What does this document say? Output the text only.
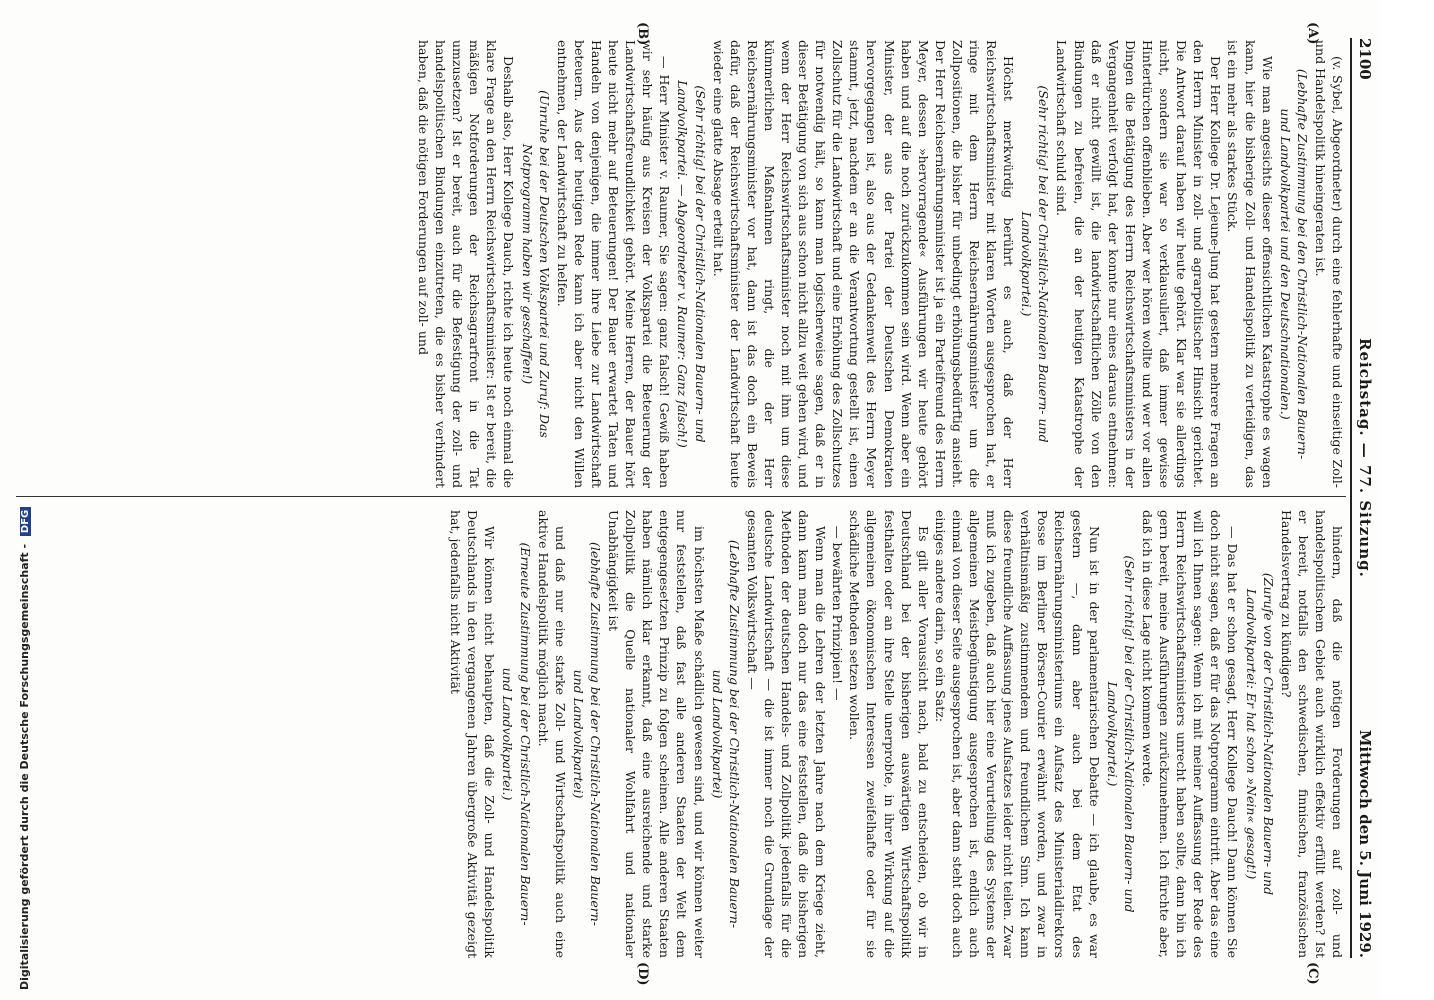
2100
Reichstag. — 77. Sitzung.
Mittwoch den 5. Juni 1929.
(A)
(B)
(C)
(D)

(v. Sybel, Abgeordneter) durch eine fehlerhafte und einseitige Zoll- und Handelspolitik hineingeraten ist.

(Lebhafte Zustimmung bei den Christlich-Nationalen Bauern- und Landvolkpartei und den Deutschnationalen.)

Wie man angesichts dieser offensichtlichen Katastrophe es wagen kann, hier die bisherige Zoll- und Handelspolitik zu verteidigen, das ist ein mehr als starkes Stück.

Der Herr Kollege Dr. Lejeune-Jung hat gestern mehrere Fragen an den Herrn Minister in zoll- und agrarpolitischer Hinsicht gerichtet. Die Antwort darauf haben wir heute gehört. Klar war sie allerdings nicht, sondern sie war so verklausuliert, daß immer gewisse Hintertürchen offenblieben. Aber wer hören wollte und wer vor allen Dingen die Betätigung des Herrn Reichswirtschaftsministers in der Vergangenheit verfolgt hat, der konnte nur eines daraus entnehmen: daß er nicht gewillt ist, die landwirtschaftlichen Zölle von den Bindungen zu befreien, die an der heutigen Katastrophe der Landwirtschaft schuld sind.

(Sehr richtig! bei der Christlich-Nationalen Bauern- und Landvolkpartei.)

Höchst merkwürdig berührt es auch, daß der Herr Reichswirtschaftsminister mit klaren Worten ausgesprochen hat, er ringe mit dem Herrn Reichsernährungsminister um die Zollpositionen, die bisher für unbedingt erhöhungsbedürftig ansieht. Der Herr Reichsernährungsminister ist ja ein Parteifreund des Herrn Meyer, dessen »hervorragende« Ausführungen wir heute gehört haben und auf die noch zurückzukommen sein wird. Wenn aber ein Minister, der aus der Partei der Deutschen Demokraten hervorgegangen ist, also aus der Gedankenwelt des Herrn Meyer stammt, jetzt, nachdem er an die Verantwortung gestellt ist, einen Zollschutz für die Landwirtschaft und eine Erhöhung des Zollschutzes für notwendig hält, so kann man logischerweise sagen, daß er in dieser Betätigung von sich aus schon nicht allzu weit gehen wird, und wenn der Herr Reichswirtschaftsminister noch mit ihm um diese kümmerlichen Maßnahmen ringt, die der Herr Reichsernährungsminister vor hat, dann ist das doch ein Beweis dafür, daß der Reichswirtschaftsminister der Landwirtschaft heute wieder eine glatte Absage erteilt hat.

(Sehr richtig! bei der Christlich-Nationalen Bauern- und Landvolkpartei. — Abgeordneter v. Raumer: Ganz falsch!)

— Herr Minister v. Raumer, Sie sagen: ganz falsch! Gewiß haben wir sehr häufig aus Kreisen der Volkspartei die Beteuerung der Landwirtschaftsfreundlichkeit gehört. Meine Herren, der Bauer hört heute nicht mehr auf Beteuerungen! Der Bauer erwartet Taten und Handeln von denjenigen, die immer ihre Liebe zur Landwirtschaft beteuern. Aus der heutigen Rede kann ich aber nicht den Willen entnehmen, der Landwirtschaft zu helfen.

(Unruhe bei der Deutschen Volkspartei und Zuruf: Das Notprogramm haben wir geschaffen!)

Deshalb also, Herr Kollege Dauch, richte ich heute noch einmal die klare Frage an den Herrn Reichswirtschaftsminister: Ist er bereit, die mäßigen Notforderungen der Reichsagrarfront in die Tat umzusetzen? Ist er bereit, auch für die Befestigung der zoll- und handelspolitischen Bindungen einzutreten, die es bisher verhindert haben, daß die nötigen Forderungen auf zoll- und

hindern, daß die nötigen Forderungen auf zoll- und handelspolitischem Gebiet auch wirklich effektiv erfüllt werden? Ist er bereit, notfalls den schwedischen, finnischen, französischen Handelsvertrag zu kündigen?

(Zurufe von der Christlich-Nationalen Bauern- und Landvolkpartei: Er hat schon »Nein« gesagt!)

— Das hat er schon gesagt, Herr Kollege Dauch! Dann können Sie doch nicht sagen, daß er für das Notprogramm eintritt. Aber das eine will ich Ihnen sagen: Wenn ich mit meiner Auffassung der Rede des Herrn Reichswirtschaftsministers unrecht haben sollte, dann bin ich gern bereit, meine Ausführungen zurückzunehmen. Ich fürchte aber, daß ich in diese Lage nicht kommen werde.

(Sehr richtig! bei der Christlich-Nationalen Bauern- und Landvolkpartei.)

Nun ist in der parlamentarischen Debatte — ich glaube, es war gestern —, dann aber auch bei dem Etat des Reichsernährungsministeriums ein Aufsatz des Ministerialdirektors Posse im Berliner Börsen-Courier erwähnt worden, und zwar in verhältnismäßig zustimmendem und freundlichem Sinn. Ich kann diese freundliche Auffassung jenes Aufsatzes leider nicht teilen. Zwar muß ich zugeben, daß auch hier eine Verurteilung des Systems der allgemeinen Meistbegünstigung ausgesprochen ist, endlich auch einmal von dieser Seite ausgesprochen ist, aber dann steht doch auch einiges andere darin, so ein Satz:

Es gilt aller Voraussicht nach, bald zu entscheiden, ob wir in Deutschland bei der bisherigen auswärtigen Wirtschaftspolitik festhalten oder an ihre Stelle unerprobte, in ihrer Wirkung auf die allgemeinen ökonomischen Interessen zweifelhafte oder für sie schädliche Methoden setzen wollen.

— bewährten Prinzipien! —

Wenn man die Lehren der letzten Jahre nach dem Kriege zieht, dann kann man doch nur das eine feststellen, daß die bisherigen Methoden der deutschen Handels- und Zollpolitik jedenfalls für die deutsche Landwirtschaft — die ist immer noch die Grundlage der gesamten Volkswirtschaft —

(Lebhafte Zustimmung bei der Christlich-Nationalen Bauern- und Landvolkpartei)

im höchsten Maße schädlich gewesen sind, und wir können weiter nur feststellen, daß fast alle anderen Staaten der Welt dem entgegengesetzten Prinzip zu folgen scheinen. Alle anderen Staaten haben nämlich klar erkannt, daß eine ausreichende und starke Zollpolitik die Quelle nationaler Wohlfahrt und nationaler Unabhängigkeit ist

(lebhafte Zustimmung bei der Christlich-Nationalen Bauern- und Landvolkpartei)

und daß nur eine starke Zoll- und Wirtschaftspolitik auch eine aktive Handelspolitik möglich macht.

(Erneute Zustimmung bei der Christlich-Nationalen Bauern- und Landvolkpartei.)

Wir können nicht behaupten, daß die Zoll- und Handelspolitik Deutschlands in den vergangenen Jahren übergroße Aktivität gezeigt hat, jedenfalls nicht Aktivität

Digitalisierung gefördert durch die Deutsche Forschungsgemeinschaft - DFG
